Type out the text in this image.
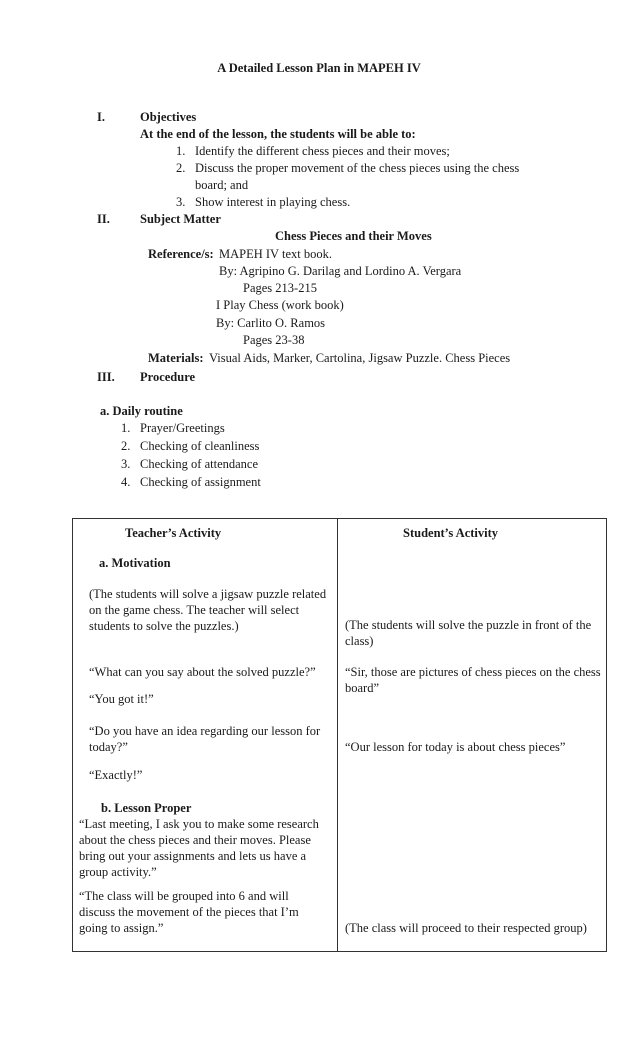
A Detailed Lesson Plan in MAPEH IV
I.	Objectives
At the end of the lesson, the students will be able to:
1. Identify the different chess pieces and their moves;
2. Discuss the proper movement of the chess pieces using the chess
board; and
3. Show interest in playing chess.
II. Subject Matter
Chess Pieces and their Moves
Reference/s: MAPEH IV text book.
By: Agripino G. Darilag and Lordino A. Vergara
Pages 213-215
I Play Chess (work book)
By: Carlito O. Ramos
Pages 23-38
Materials: Visual Aids, Marker, Cartolina, Jigsaw Puzzle. Chess Pieces
III. Procedure
a. Daily routine
1. Prayer/Greetings
2. Checking of cleanliness
3. Checking of attendance
4. Checking of assignment
Teacher’s Activity	Student’s Activity
a. Motivation
(The students will solve a jigsaw puzzle related on the game chess. The teacher will select students to solve the puzzles.)	(The students will solve the puzzle in front of the class)
“What can you say about the solved puzzle?”	“Sir, those are pictures of chess pieces on the chess board”
“You got it!”
“Do you have an idea regarding our lesson for today?”	“Our lesson for today is about chess pieces”
“Exactly!”
b. Lesson Proper
“Last meeting, I ask you to make some research about the chess pieces and their moves. Please bring out your assignments and lets us have a group activity.”
“The class will be grouped into 6 and will discuss the movement of the pieces that I’m going to assign.”	(The class will proceed to their respected group)
